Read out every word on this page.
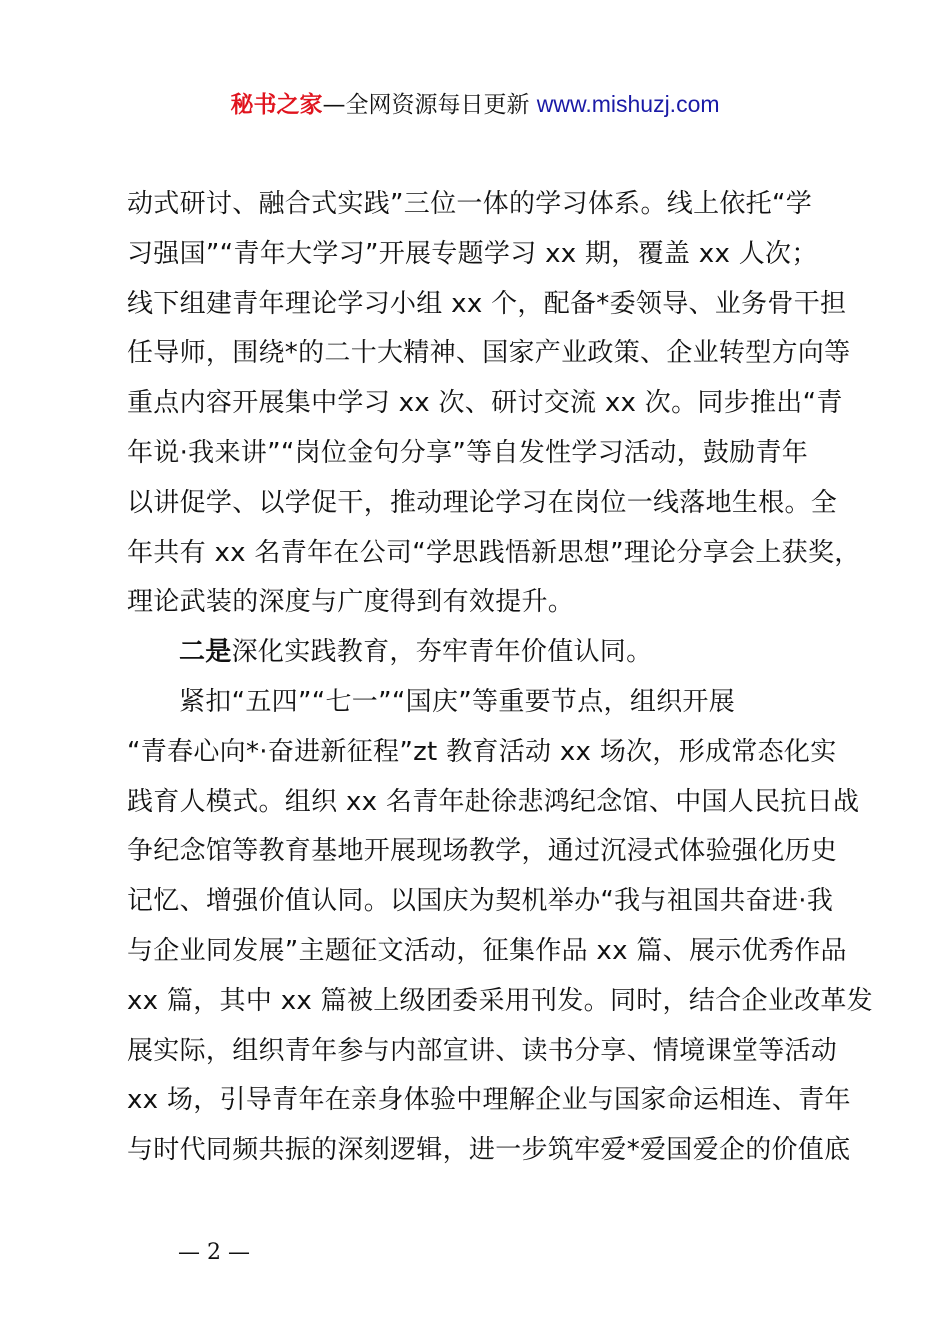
秘书之家—全网资源每日更新 www.mishuzj.com
动式研讨、融合式实践”三位一体的学习体系。线上依托“学
习强国”“青年大学习”开展专题学习 xx 期，覆盖 xx 人次；
线下组建青年理论学习小组 xx 个，配备*委领导、业务骨干担
任导师，围绕*的二十大精神、国家产业政策、企业转型方向等
重点内容开展集中学习 xx 次、研讨交流 xx 次。同步推出“青
年说·我来讲”“岗位金句分享”等自发性学习活动，鼓励青年
以讲促学、以学促干，推动理论学习在岗位一线落地生根。全
年共有 xx 名青年在公司“学思践悟新思想”理论分享会上获奖，
理论武装的深度与广度得到有效提升。
二是深化实践教育，夯牢青年价值认同。
紧扣“五四”“七一”“国庆”等重要节点，组织开展
“青春心向*·奋进新征程”zt 教育活动 xx 场次，形成常态化实
践育人模式。组织 xx 名青年赴徐悲鸿纪念馆、中国人民抗日战
争纪念馆等教育基地开展现场教学，通过沉浸式体验强化历史
记忆、增强价值认同。以国庆为契机举办“我与祖国共奋进·我
与企业同发展”主题征文活动，征集作品 xx 篇、展示优秀作品
xx 篇，其中 xx 篇被上级团委采用刊发。同时，结合企业改革发
展实际，组织青年参与内部宣讲、读书分享、情境课堂等活动
xx 场，引导青年在亲身体验中理解企业与国家命运相连、青年
与时代同频共振的深刻逻辑，进一步筑牢爱*爱国爱企的价值底
— 2 —
